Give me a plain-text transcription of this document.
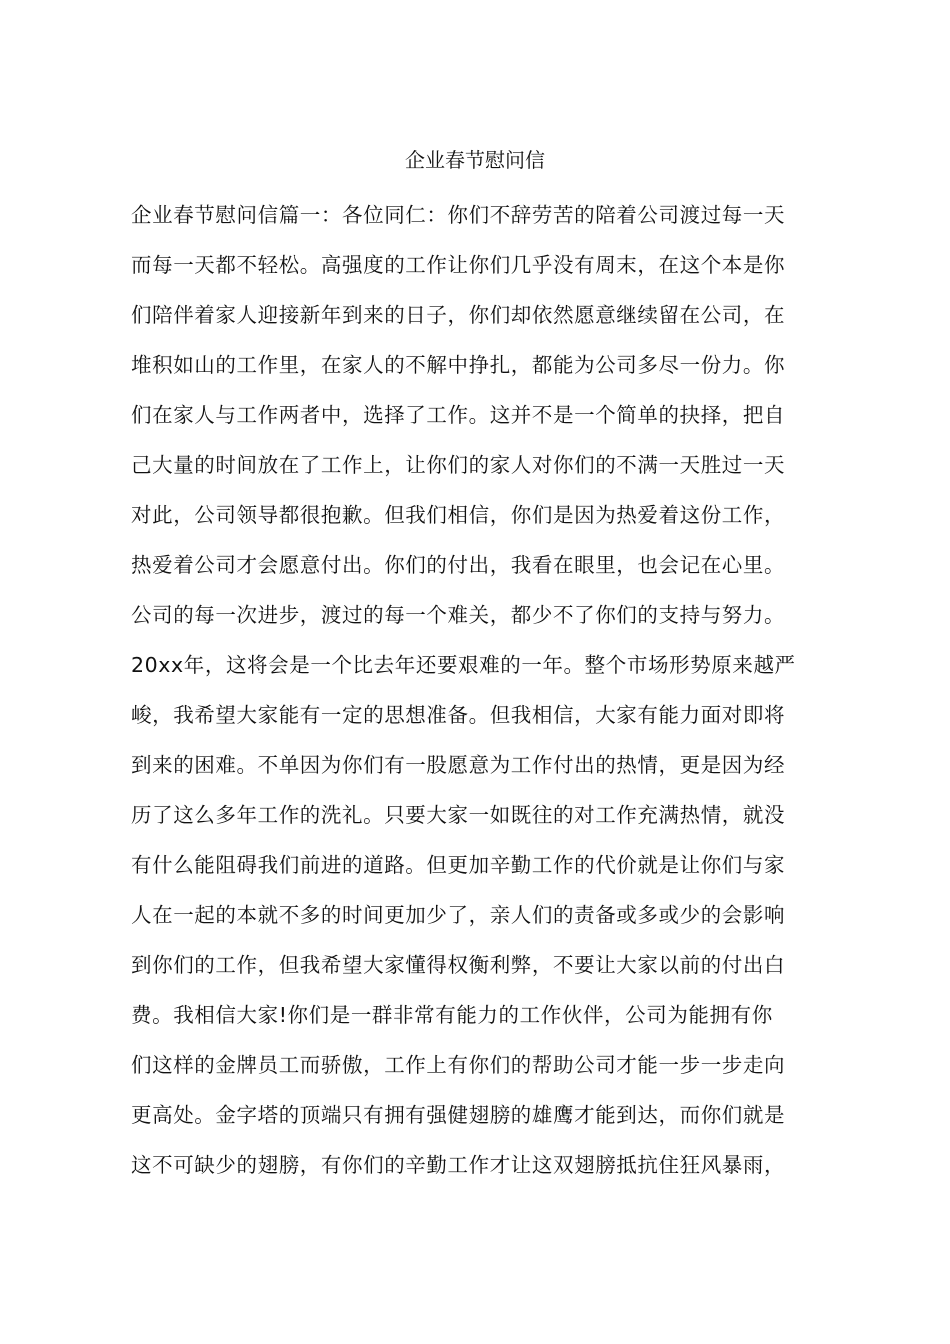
企业春节慰问信
企业春节慰问信篇一：各位同仁：你们不辞劳苦的陪着公司渡过每一天
而每一天都不轻松。高强度的工作让你们几乎没有周末，在这个本是你
们陪伴着家人迎接新年到来的日子，你们却依然愿意继续留在公司，在
堆积如山的工作里，在家人的不解中挣扎，都能为公司多尽一份力。你
们在家人与工作两者中，选择了工作。这并不是一个简单的抉择，把自
己大量的时间放在了工作上，让你们的家人对你们的不满一天胜过一天
对此，公司领导都很抱歉。但我们相信，你们是因为热爱着这份工作，
热爱着公司才会愿意付出。你们的付出，我看在眼里，也会记在心里。
公司的每一次进步，渡过的每一个难关，都少不了你们的支持与努力。
20xx年，这将会是一个比去年还要艰难的一年。整个市场形势原来越严
峻，我希望大家能有一定的思想准备。但我相信，大家有能力面对即将
到来的困难。不单因为你们有一股愿意为工作付出的热情，更是因为经
历了这么多年工作的洗礼。只要大家一如既往的对工作充满热情，就没
有什么能阻碍我们前进的道路。但更加辛勤工作的代价就是让你们与家
人在一起的本就不多的时间更加少了，亲人们的责备或多或少的会影响
到你们的工作，但我希望大家懂得权衡利弊，不要让大家以前的付出白
费。我相信大家!你们是一群非常有能力的工作伙伴，公司为能拥有你
们这样的金牌员工而骄傲，工作上有你们的帮助公司才能一步一步走向
更高处。金字塔的顶端只有拥有强健翅膀的雄鹰才能到达，而你们就是
这不可缺少的翅膀，有你们的辛勤工作才让这双翅膀抵抗住狂风暴雨，
